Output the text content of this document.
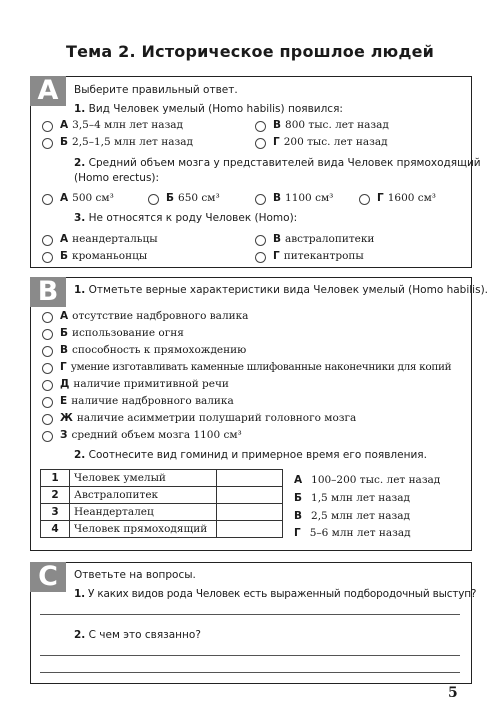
Тема 2. Историческое прошлое людей
А	Выберите правильный ответ.
1. Вид Человек умелый (Homo habilis) появился:
А 3,5–4 млн лет назад
Б 2,5–1,5 млн лет назад
В 800 тыс. лет назад
Г 200 тыс. лет назад
2. Средний объем мозга у представителей вида Человек прямоходящий
(Homo erectus):
А 500 см³	Б 650 см³	В 1100 см³	Г 1600 см³
3. Не относятся к роду Человек (Homo):
А неандертальцы
Б кроманьонцы
В австралопитеки
Г питекантропы
В	1. Отметьте верные характеристики вида Человек умелый (Homo habilis).
А отсутствие надбровного валика
Б использование огня
В способность к прямохождению
Г умение изготавливать каменные шлифованные наконечники для копий
Д наличие примитивной речи
Е наличие надбровного валика
Ж наличие асимметрии полушарий головного мозга
З средний объем мозга 1100 см³
2. Соотнесите вид гоминид и примерное время его появления.
1	Человек умелый	
2	Австралопитек	
3	Неандерталец	
4	Человек прямоходящий	
А 100–200 тыс. лет назад
Б 1,5 млн лет назад
В 2,5 млн лет назад
Г 5–6 млн лет назад
С	Ответьте на вопросы.
1. У каких видов рода Человек есть выраженный подбородочный выступ?
2. С чем это связанно?
5
